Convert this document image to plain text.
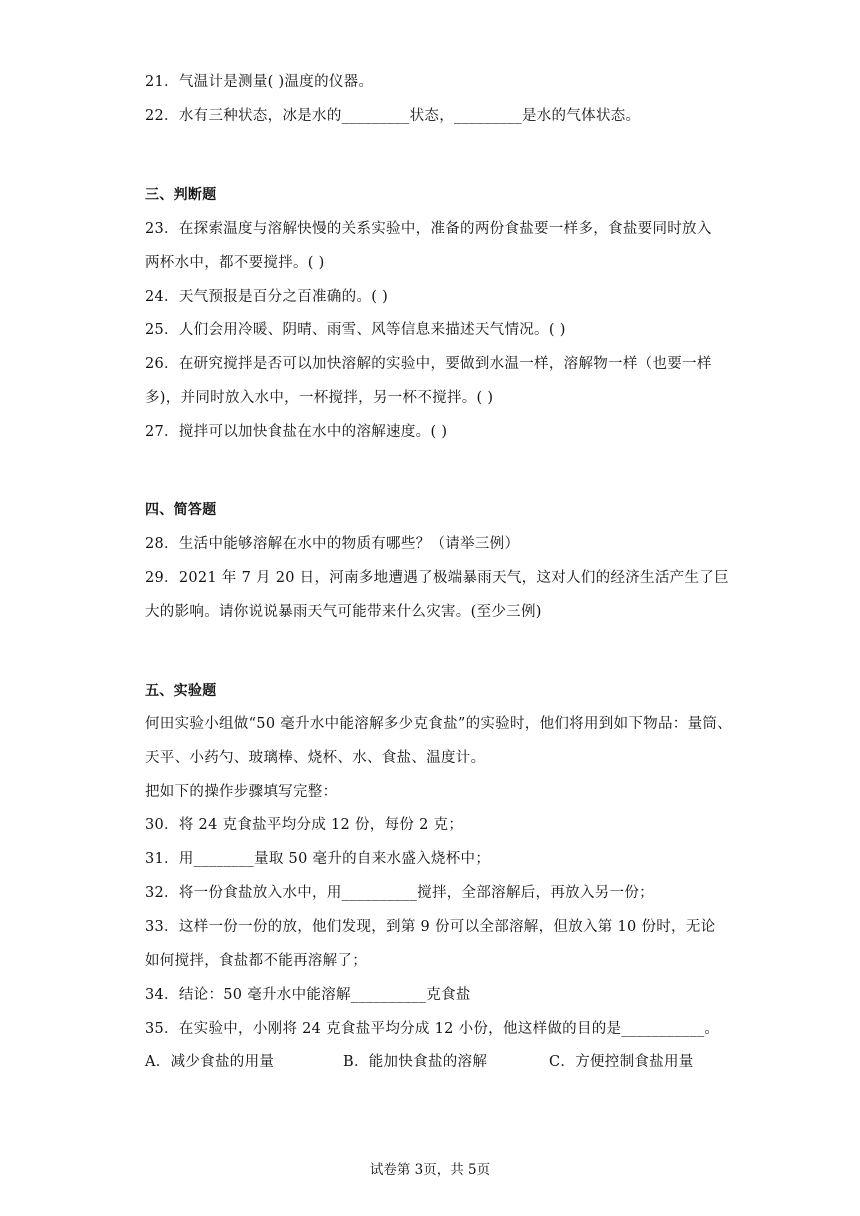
21．气温计是测量( )温度的仪器。
22．水有三种状态，冰是水的_________状态，_________是水的气体状态。
三、判断题
23．在探索温度与溶解快慢的关系实验中，准备的两份食盐要一样多，食盐要同时放入
两杯水中，都不要搅拌。( )
24．天气预报是百分之百准确的。( )
25．人们会用冷暖、阴晴、雨雪、风等信息来描述天气情况。( )
26．在研究搅拌是否可以加快溶解的实验中，要做到水温一样，溶解物一样（也要一样
多)，并同时放入水中，一杯搅拌，另一杯不搅拌。( )
27．搅拌可以加快食盐在水中的溶解速度。( )
四、简答题
28．生活中能够溶解在水中的物质有哪些？（请举三例）
29．2021 年 7 月 20 日，河南多地遭遇了极端暴雨天气，这对人们的经济生活产生了巨
大的影响。请你说说暴雨天气可能带来什么灾害。(至少三例)
五、实验题
何田实验小组做“50 毫升水中能溶解多少克食盐”的实验时，他们将用到如下物品：量筒、
天平、小药勺、玻璃棒、烧杯、水、食盐、温度计。
把如下的操作步骤填写完整：
30．将 24 克食盐平均分成 12 份，每份 2 克；
31．用________量取 50 毫升的自来水盛入烧杯中；
32．将一份食盐放入水中，用__________搅拌，全部溶解后，再放入另一份；
33．这样一份一份的放，他们发现，到第 9 份可以全部溶解，但放入第 10 份时，无论
如何搅拌，食盐都不能再溶解了；
34．结论：50 毫升水中能溶解__________克食盐
35．在实验中，小刚将 24 克食盐平均分成 12 小份，他这样做的目的是___________。
A．减少食盐的用量	B．能加快食盐的溶解	C．方便控制食盐用量
试卷第 3页，共 5页
